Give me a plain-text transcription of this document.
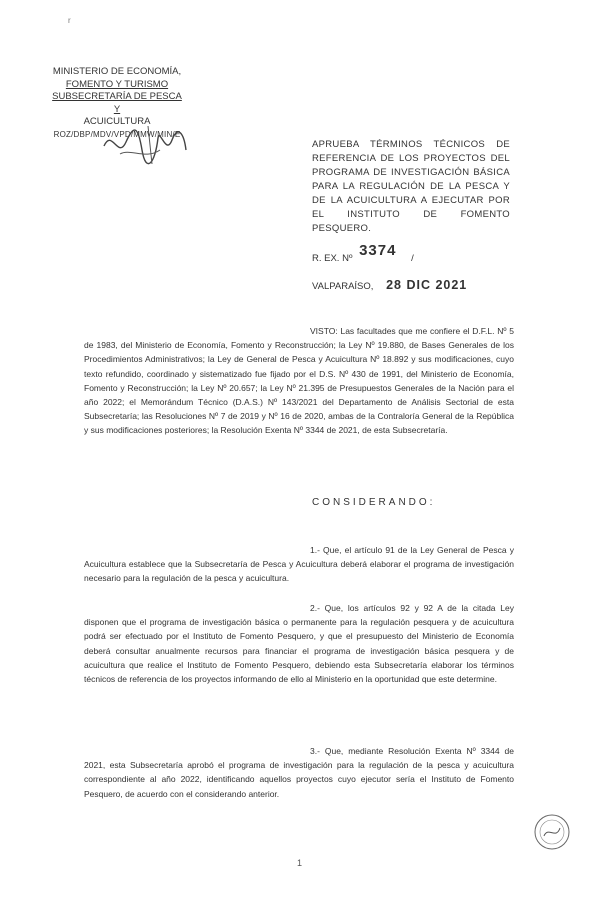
r
MINISTERIO DE ECONOMÍA,
FOMENTO Y TURISMO
SUBSECRETARÍA DE PESCA Y
ACUICULTURA
ROZ/DBP/MDV/VPD/MMW/MIN/E
APRUEBA TÉRMINOS TÉCNICOS DE REFERENCIA DE LOS PROYECTOS DEL PROGRAMA DE INVESTIGACIÓN BÁSICA PARA LA REGULACIÓN DE LA PESCA Y DE LA ACUICULTURA A EJECUTAR POR EL INSTITUTO DE FOMENTO PESQUERO.
R. EX. Nº 3374 /
VALPARAÍSO, 28 DIC 2021
VISTO: Las facultades que me confiere el D.F.L. Nº 5 de 1983, del Ministerio de Economía, Fomento y Reconstrucción; la Ley Nº 19.880, de Bases Generales de los Procedimientos Administrativos; la Ley de General de Pesca y Acuicultura Nº 18.892 y sus modificaciones, cuyo texto refundido, coordinado y sistematizado fue fijado por el D.S. Nº 430 de 1991, del Ministerio de Economía, Fomento y Reconstrucción; la Ley Nº 20.657; la Ley Nº 21.395 de Presupuestos Generales de la Nación para el año 2022; el Memorándum Técnico (D.A.S.) Nº 143/2021 del Departamento de Análisis Sectorial de esta Subsecretaría; las Resoluciones Nº 7 de 2019 y Nº 16 de 2020, ambas de la Contraloría General de la República y sus modificaciones posteriores; la Resolución Exenta Nº 3344 de 2021, de esta Subsecretaría.
CONSIDERANDO:
1.- Que, el artículo 91 de la Ley General de Pesca y Acuicultura establece que la Subsecretaría de Pesca y Acuicultura deberá elaborar el programa de investigación necesario para la regulación de la pesca y acuicultura.
2.- Que, los artículos 92 y 92 A de la citada Ley disponen que el programa de investigación básica o permanente para la regulación pesquera y de acuicultura podrá ser efectuado por el Instituto de Fomento Pesquero, y que el presupuesto del Ministerio de Economía deberá consultar anualmente recursos para financiar el programa de investigación básica pesquera y de acuicultura que realice el Instituto de Fomento Pesquero, debiendo esta Subsecretaría elaborar los términos técnicos de referencia de los proyectos informando de ello al Ministerio en la oportunidad que este determine.
3.- Que, mediante Resolución Exenta Nº 3344 de 2021, esta Subsecretaría aprobó el programa de investigación para la regulación de la pesca y acuicultura correspondiente al año 2022, identificando aquellos proyectos cuyo ejecutor sería el Instituto de Fomento Pesquero, de acuerdo con el considerando anterior.
1
